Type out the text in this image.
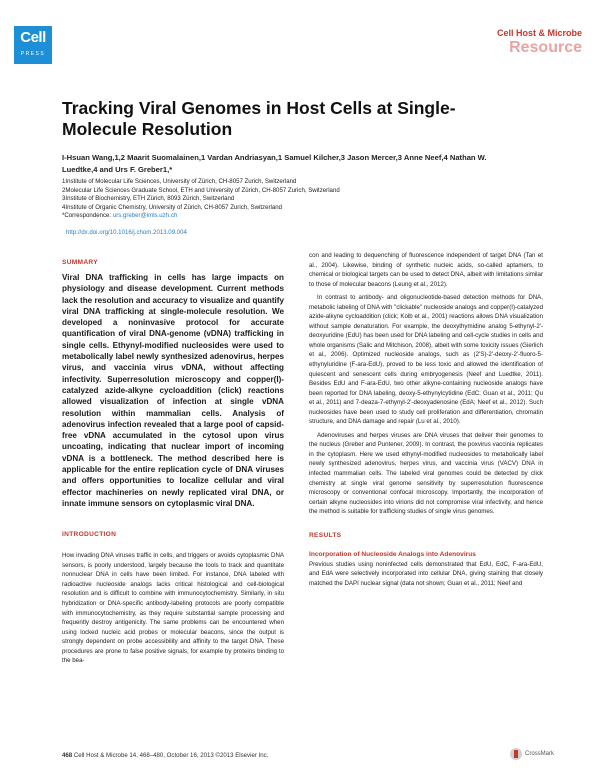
Cell
PRESS
Cell Host & Microbe
Resource
Tracking Viral Genomes in Host Cells at Single-Molecule Resolution
I-Hsuan Wang,1,2 Maarit Suomalainen,1 Vardan Andriasyan,1 Samuel Kilcher,3 Jason Mercer,3 Anne Neef,4 Nathan W. Luedtke,4 and Urs F. Greber1,*
1Institute of Molecular Life Sciences, University of Zürich, CH-8057 Zurich, Switzerland
2Molecular Life Sciences Graduate School, ETH and University of Zürich, CH-8057 Zurich, Switzerland
3Institute of Biochemistry, ETH Zürich, 8093 Zürich, Switzerland
4Institute of Organic Chemistry, University of Zürich, CH-8057 Zurich, Switzerland
*Correspondence: urs.greber@imls.uzh.ch
http://dx.doi.org/10.1016/j.chom.2013.09.004
SUMMARY
Viral DNA trafficking in cells has large impacts on physiology and disease development. Current methods lack the resolution and accuracy to visualize and quantify viral DNA trafficking at single-molecule resolution. We developed a noninvasive protocol for accurate quantification of viral DNA-genome (vDNA) trafficking in single cells. Ethynyl-modified nucleosides were used to metabolically label newly synthesized adenovirus, herpes virus, and vaccinia virus vDNA, without affecting infectivity. Superresolution microscopy and copper(I)-catalyzed azide-alkyne cycloaddition (click) reactions allowed visualization of infection at single vDNA resolution within mammalian cells. Analysis of adenovirus infection revealed that a large pool of capsid-free vDNA accumulated in the cytosol upon virus uncoating, indicating that nuclear import of incoming vDNA is a bottleneck. The method described here is applicable for the entire replication cycle of DNA viruses and offers opportunities to localize cellular and viral effector machineries on newly replicated viral DNA, or innate immune sensors on cytoplasmic viral DNA.
INTRODUCTION

How invading DNA viruses traffic in cells, and triggers or avoids cytoplasmic DNA sensors, is poorly understood, largely because the tools to track and quantitate nonnuclear DNA in cells have been limited. For instance, DNA labeled with radioactive nucleoside analogs lacks critical histological and cell-biological resolution and is difficult to combine with immunocytochemistry. Similarly, in situ hybridization or DNA-specific antibody-labeling protocols are poorly compatible with immunocytochemistry, as they require substantial sample processing and frequently destroy antigenicity. The same problems can be encountered when using locked nucleic acid probes or molecular beacons, since the output is strongly dependent on probe accessibility and affinity to the target DNA. These procedures are prone to false positive signals, for example by proteins binding to the bea-

con and leading to dequenching of fluorescence independent of target DNA (Tan et al., 2004). Likewise, binding of synthetic nucleic acids, so-called aptamers, to chemical or biological targets can be used to detect DNA, albeit with limitations similar to those of molecular beacons (Leung et al., 2012).

In contrast to antibody- and oligonucleotide-based detection methods for DNA, metabolic labeling of DNA with "clickable" nucleoside analogs and copper(I)-catalyzed azide-alkyne cycloaddition (click; Kolb et al., 2001) reactions allows DNA visualization without sample denaturation. For example, the deoxythymidine analog 5-ethynyl-2'-deoxyuridine (EdU) has been used for DNA labeling and cell-cycle studies in cells and whole organisms (Salic and Mitchison, 2008), albeit with some toxicity issues (Gierlich et al., 2006). Optimized nucleoside analogs, such as (2'S)-2'-deoxy-2'-fluoro-5-ethynyluridine (F-ara-EdU), proved to be less toxic and allowed the identification of quiescent and senescent cells during embryogenesis (Neef and Luedtke, 2011). Besides EdU and F-ara-EdU, two other alkyne-containing nucleoside analogs have been reported for DNA labeling, deoxy-5-ethynylcytidine (EdC; Guan et al., 2011; Qu et al., 2011) and 7-deaza-7-ethynyl-2'-deoxyadenosine (EdA; Neef et al., 2012). Such nucleosides have been used to study cell proliferation and differentiation, chromatin structure, and DNA damage and repair (Lu et al., 2010).

Adenoviruses and herpes viruses are DNA viruses that deliver their genomes to the nucleus (Greber and Puntener, 2009). In contrast, the poxvirus vaccinia replicates in the cytoplasm. Here we used ethynyl-modified nucleosides to metabolically label newly synthesized adenovirus, herpes virus, and vaccinia virus (VACV) DNA in infected mammalian cells. The labeled viral genomes could be detected by click chemistry at single viral genome sensitivity by superresolution fluorescence microscopy or conventional confocal microscopy. Importantly, the incorporation of certain alkyne nucleosides into virions did not compromise viral infectivity, and hence the method is suitable for trafficking studies of single virus genomes.

RESULTS
Incorporation of Nucleoside Analogs into Adenovirus

Previous studies using noninfected cells demonstrated that EdU, EdC, F-ara-EdU, and EdA were selectively incorporated into cellular DNA, giving staining that closely matched the DAPI nuclear signal (data not shown; Guan et al., 2011; Neef and

468 Cell Host & Microbe 14, 468–480, October 16, 2013 ©2013 Elsevier Inc.	CrossMark
